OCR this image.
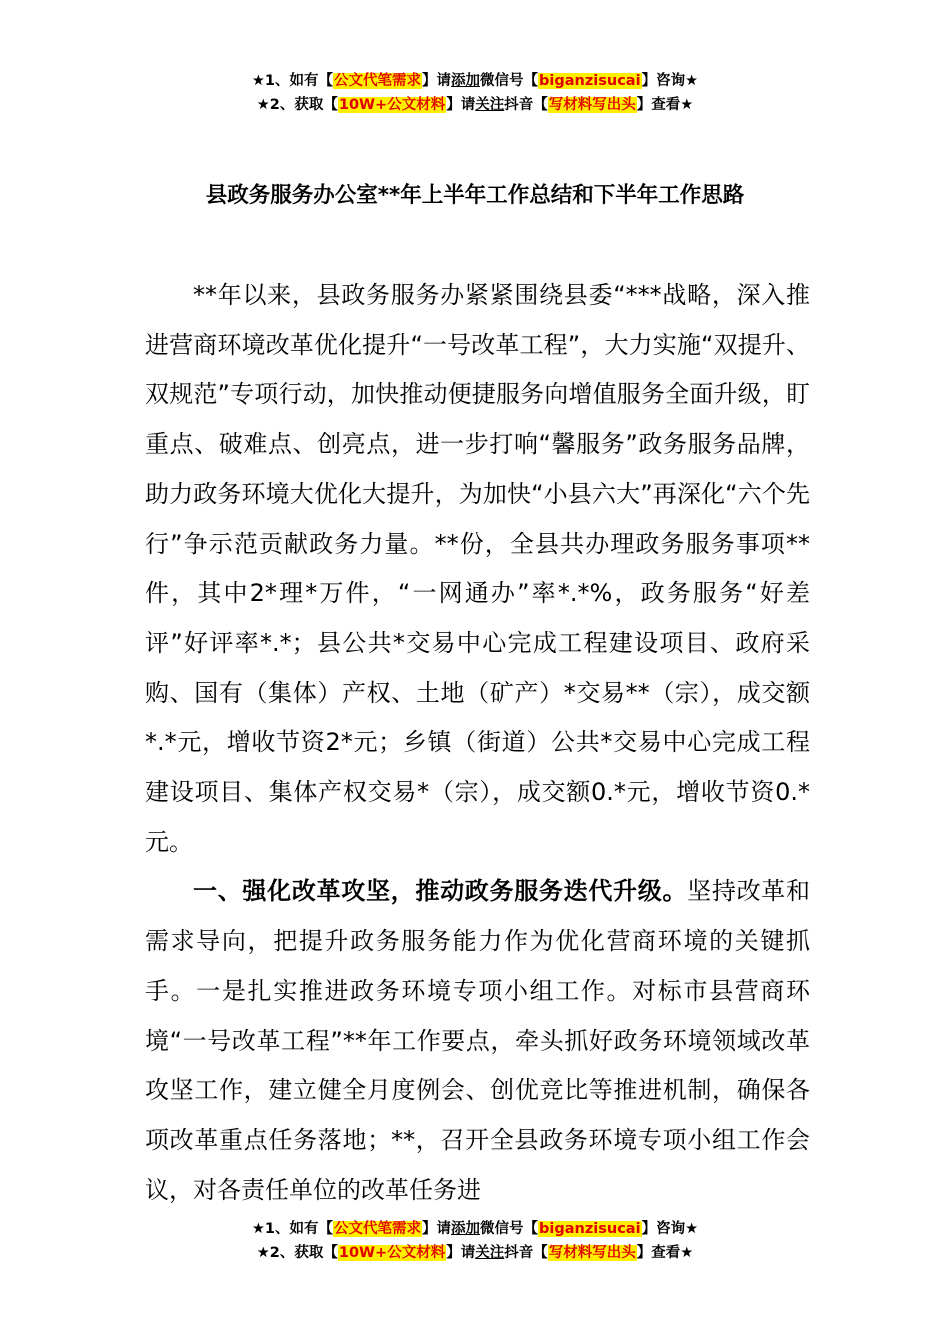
★1、如有【公文代笔需求】请添加微信号【biganzisucai】咨询★
★2、获取【10W+公文材料】请关注抖音【写材料写出头】查看★
县政务服务办公室**年上半年工作总结和下半年工作思路

**年以来，县政务服务办紧紧围绕县委“***战略，深入推进营商环境改革优化提升“一号改革工程”，大力实施“双提升、双规范”专项行动，加快推动便捷服务向增值服务全面升级，盯重点、破难点、创亮点，进一步打响“馨服务”政务服务品牌，助力政务环境大优化大提升，为加快“小县六大”再深化“六个先行”争示范贡献政务力量。**份，全县共办理政务服务事项**件，其中2*理*万件，“一网通办”率*.*%，政务服务“好差评”好评率*.*；县公共*交易中心完成工程建设项目、政府采购、国有（集体）产权、土地（矿产）*交易**（宗），成交额*.*元，增收节资2*元；乡镇（街道）公共*交易中心完成工程建设项目、集体产权交易*（宗），成交额0.*元，增收节资0.*元。

一、强化改革攻坚，推动政务服务迭代升级。坚持改革和需求导向，把提升政务服务能力作为优化营商环境的关键抓手。一是扎实推进政务环境专项小组工作。对标市县营商环境“一号改革工程”**年工作要点，牵头抓好政务环境领域改革攻坚工作，建立健全月度例会、创优竞比等推进机制，确保各项改革重点任务落地；**，召开全县政务环境专项小组工作会议，对各责任单位的改革任务进

★1、如有【公文代笔需求】请添加微信号【biganzisucai】咨询★
★2、获取【10W+公文材料】请关注抖音【写材料写出头】查看★
